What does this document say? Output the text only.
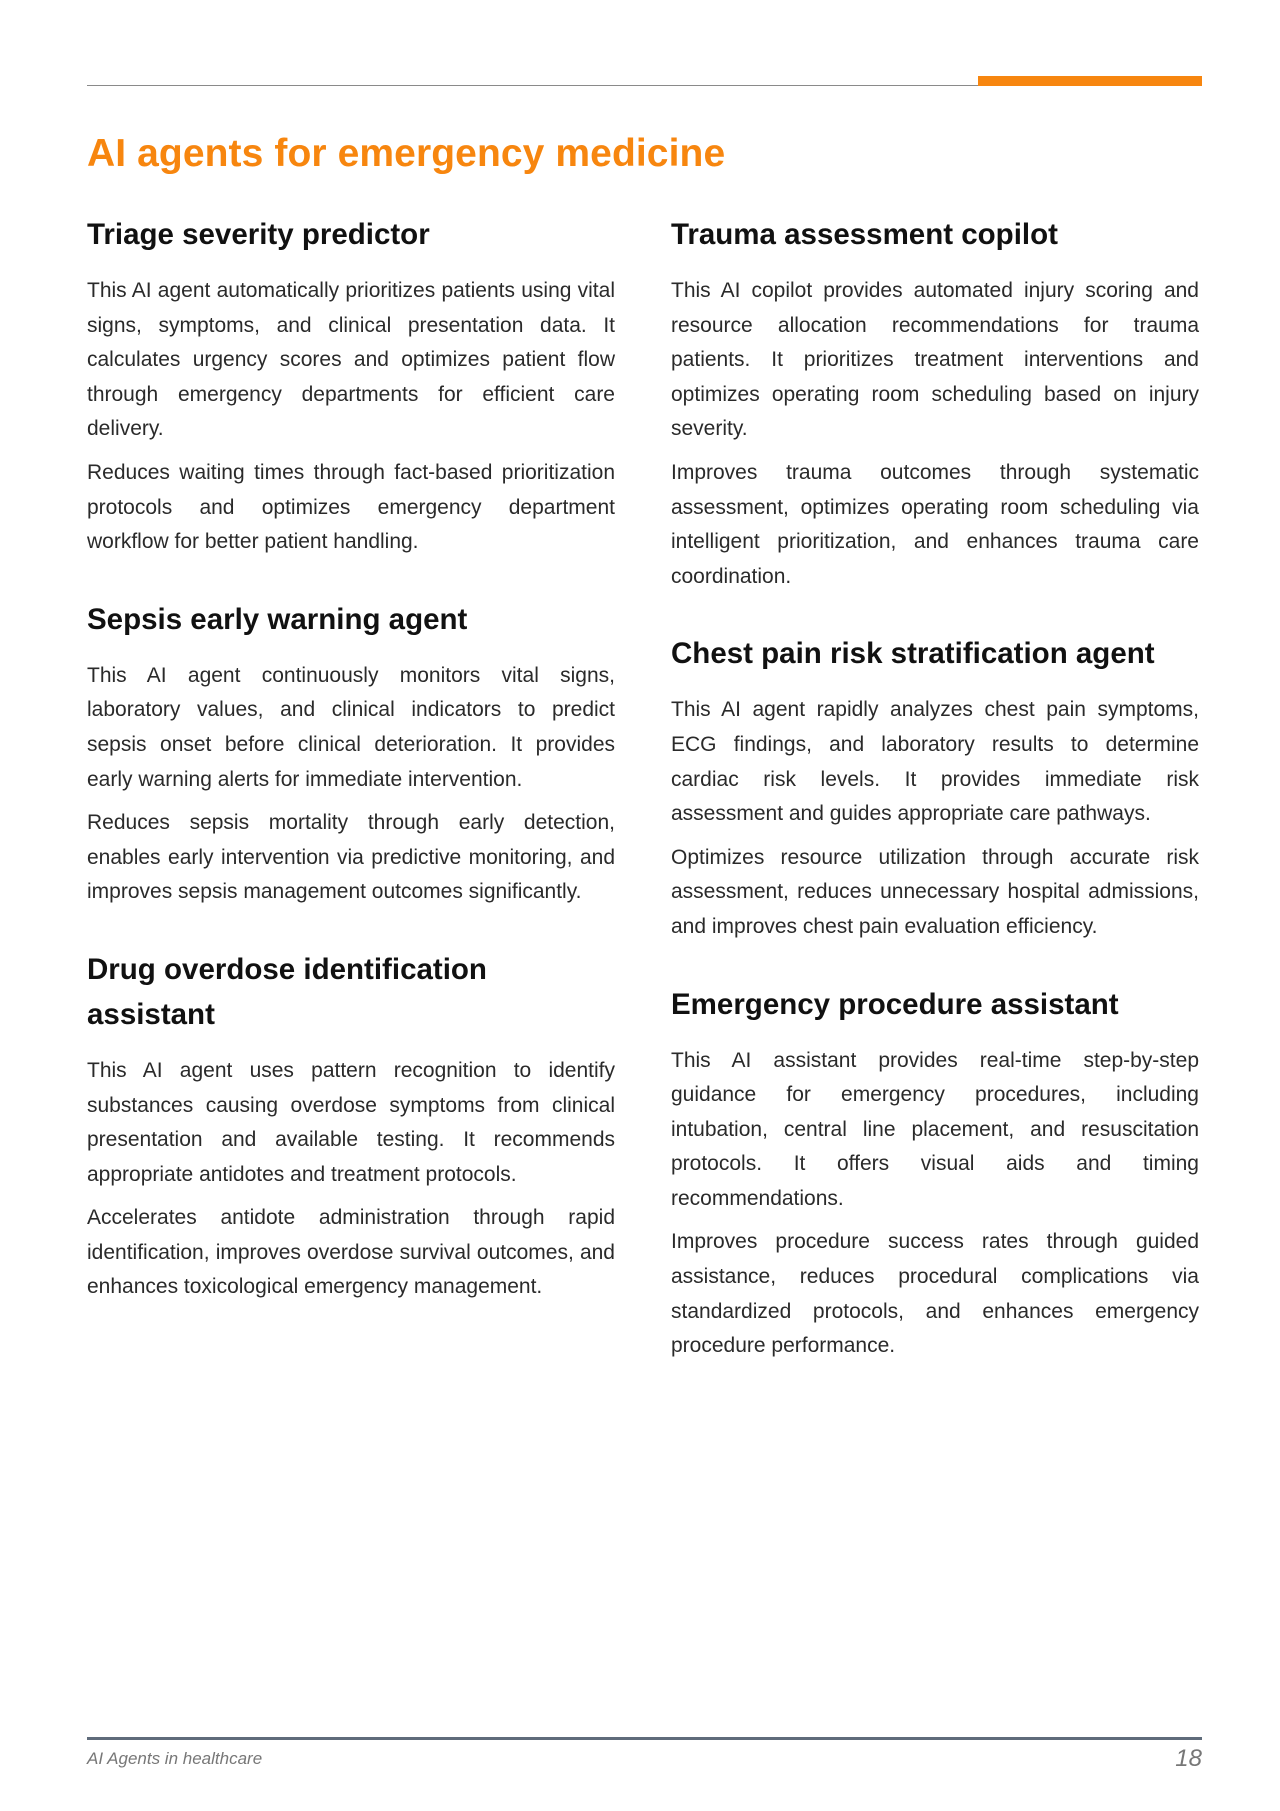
AI agents for emergency medicine
Triage severity predictor

This AI agent automatically prioritizes patients using vital signs, symptoms, and clinical presentation data. It calculates urgency scores and optimizes patient flow through emergency departments for efficient care delivery.

Reduces waiting times through fact-based prioritization protocols and optimizes emergency department workflow for better patient handling.

Sepsis early warning agent

This AI agent continuously monitors vital signs, laboratory values, and clinical indicators to predict sepsis onset before clinical deterioration. It provides early warning alerts for immediate intervention.

Reduces sepsis mortality through early detection, enables early intervention via predictive monitoring, and improves sepsis management outcomes significantly.

Drug overdose identification assistant

This AI agent uses pattern recognition to identify substances causing overdose symptoms from clinical presentation and available testing. It recommends appropriate antidotes and treatment protocols.

Accelerates antidote administration through rapid identification, improves overdose survival outcomes, and enhances toxicological emergency management.

Trauma assessment copilot

This AI copilot provides automated injury scoring and resource allocation recommendations for trauma patients. It prioritizes treatment interventions and optimizes operating room scheduling based on injury severity.

Improves trauma outcomes through systematic assessment, optimizes operating room scheduling via intelligent prioritization, and enhances trauma care coordination.

Chest pain risk stratification agent

This AI agent rapidly analyzes chest pain symptoms, ECG findings, and laboratory results to determine cardiac risk levels. It provides immediate risk assessment and guides appropriate care pathways.

Optimizes resource utilization through accurate risk assessment, reduces unnecessary hospital admissions, and improves chest pain evaluation efficiency.

Emergency procedure assistant

This AI assistant provides real-time step-by-step guidance for emergency procedures, including intubation, central line placement, and resuscitation protocols. It offers visual aids and timing recommendations.

Improves procedure success rates through guided assistance, reduces procedural complications via standardized protocols, and enhances emergency procedure performance.

AI Agents in healthcare	18
